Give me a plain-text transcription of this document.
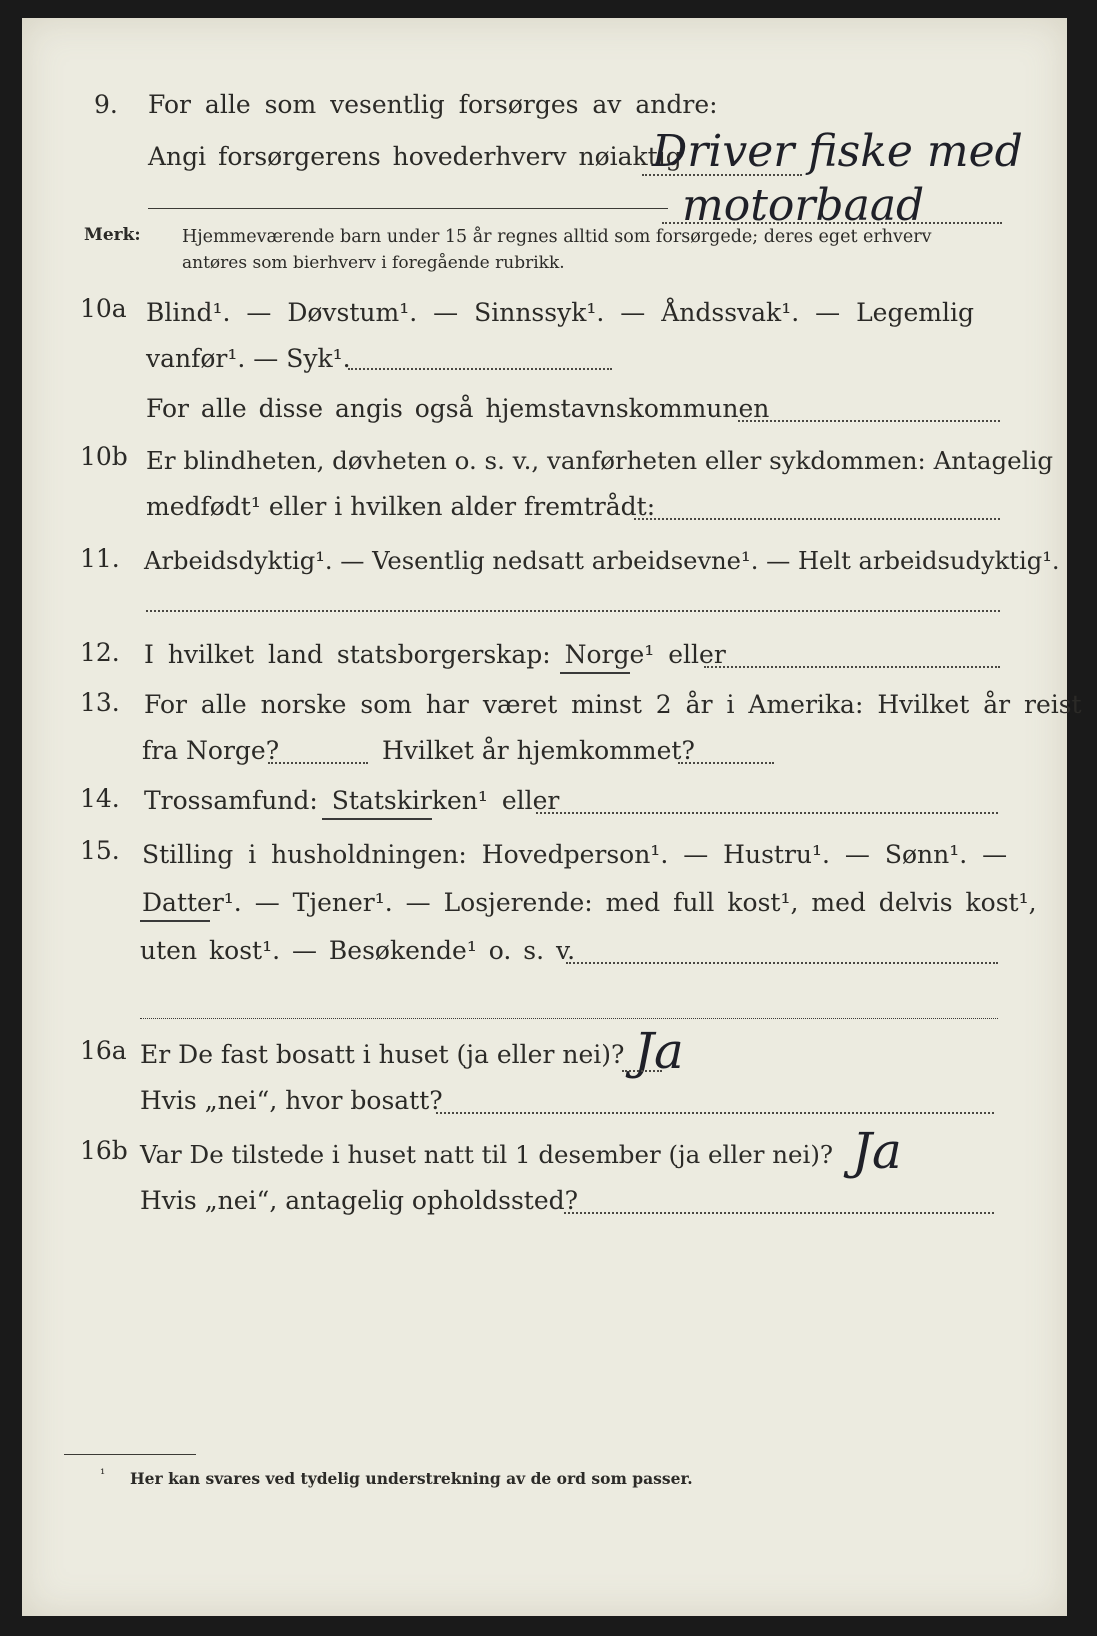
9. For alle som vesentlig forsørges av andre:
Angi forsørgerens hovederhverv nøiaktig
Driver fiske med
motorbaad
Merk: Hjemmeværende barn under 15 år regnes alltid som forsørgede; deres eget erhverv
antøres som bierhverv i foregående rubrikk.
10a Blind¹. — Døvstum¹. — Sinnssyk¹. — Åndssvak¹. — Legemlig
vanfør¹. — Syk¹.
For alle disse angis også hjemstavnskommunen
10b Er blindheten, døvheten o. s. v., vanførheten eller sykdommen: Antagelig
medfødt¹ eller i hvilken alder fremtrådt:
11. Arbeidsdyktig¹. — Vesentlig nedsatt arbeidsevne¹. — Helt arbeidsudyktig¹.
12. I hvilket land statsborgerskap: Norge¹ eller
13. For alle norske som har været minst 2 år i Amerika: Hvilket år reist
fra Norge?	Hvilket år hjemkommet?
14. Trossamfund: Statskirken¹ eller
15. Stilling i husholdningen: Hovedperson¹. — Hustru¹. — Sønn¹. —
Datter¹. — Tjener¹. — Losjerende: med full kost¹, med delvis kost¹,
uten kost¹. — Besøkende¹ o. s. v.
16a Er De fast bosatt i huset (ja eller nei)? Ja
Hvis „nei“, hvor bosatt?
16b Var De tilstede i huset natt til 1 desember (ja eller nei)? Ja
Hvis „nei“, antagelig opholdssted?
¹ Her kan svares ved tydelig understrekning av de ord som passer.
